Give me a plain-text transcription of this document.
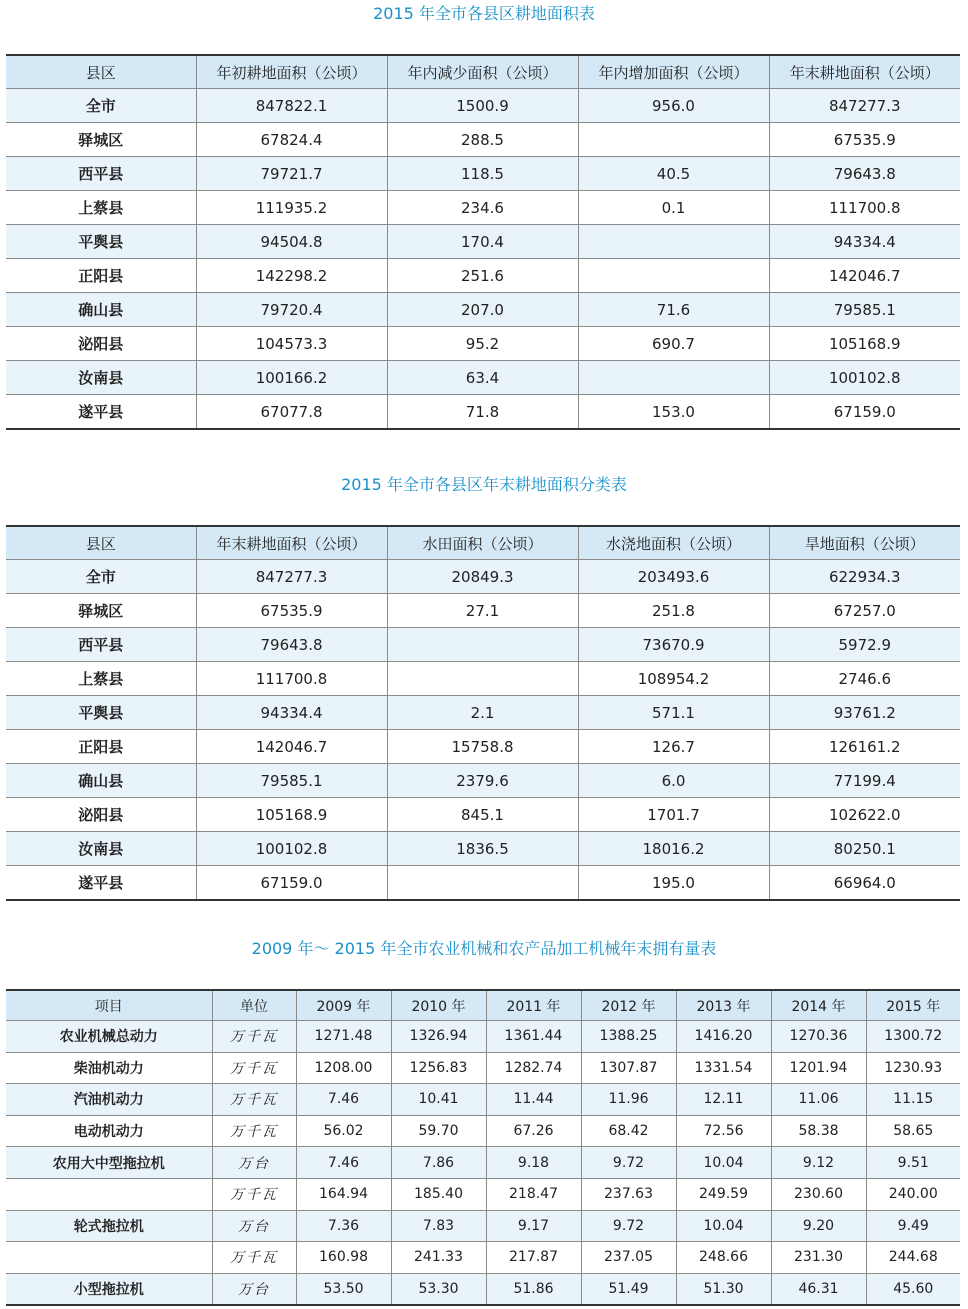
2015 年全市各县区耕地面积表
县区	年初耕地面积（公顷）	年内减少面积（公顷）	年内增加面积（公顷）	年末耕地面积（公顷）
全市	847822.1	1500.9	956.0	847277.3
驿城区	67824.4	288.5		67535.9
西平县	79721.7	118.5	40.5	79643.8
上蔡县	111935.2	234.6	0.1	111700.8
平舆县	94504.8	170.4		94334.4
正阳县	142298.2	251.6		142046.7
确山县	79720.4	207.0	71.6	79585.1
泌阳县	104573.3	95.2	690.7	105168.9
汝南县	100166.2	63.4		100102.8
遂平县	67077.8	71.8	153.0	67159.0
2015 年全市各县区年末耕地面积分类表
县区	年末耕地面积（公顷）	水田面积（公顷）	水浇地面积（公顷）	旱地面积（公顷）
全市	847277.3	20849.3	203493.6	622934.3
驿城区	67535.9	27.1	251.8	67257.0
西平县	79643.8		73670.9	5972.9
上蔡县	111700.8		108954.2	2746.6
平舆县	94334.4	2.1	571.1	93761.2
正阳县	142046.7	15758.8	126.7	126161.2
确山县	79585.1	2379.6	6.0	77199.4
泌阳县	105168.9	845.1	1701.7	102622.0
汝南县	100102.8	1836.5	18016.2	80250.1
遂平县	67159.0		195.0	66964.0
2009 年～ 2015 年全市农业机械和农产品加工机械年末拥有量表
项目	单位	2009 年	2010 年	2011 年	2012 年	2013 年	2014 年	2015 年
农业机械总动力	万千瓦	1271.48	1326.94	1361.44	1388.25	1416.20	1270.36	1300.72
柴油机动力	万千瓦	1208.00	1256.83	1282.74	1307.87	1331.54	1201.94	1230.93
汽油机动力	万千瓦	7.46	10.41	11.44	11.96	12.11	11.06	11.15
电动机动力	万千瓦	56.02	59.70	67.26	68.42	72.56	58.38	58.65
农用大中型拖拉机	万台	7.46	7.86	9.18	9.72	10.04	9.12	9.51
	万千瓦	164.94	185.40	218.47	237.63	249.59	230.60	240.00
轮式拖拉机	万台	7.36	7.83	9.17	9.72	10.04	9.20	9.49
	万千瓦	160.98	241.33	217.87	237.05	248.66	231.30	244.68
小型拖拉机	万台	53.50	53.30	51.86	51.49	51.30	46.31	45.60
